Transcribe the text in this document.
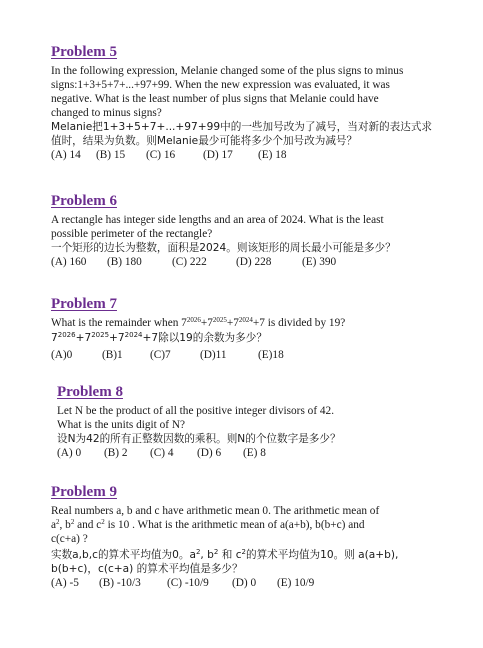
Problem 5
In the following expression, Melanie changed some of the plus signs to minus
signs:1+3+5+7+...+97+99. When the new expression was evaluated, it was
negative. What is the least number of plus signs that Melanie could have
changed to minus signs?
Melanie把1+3+5+7+...+97+99中的一些加号改为了减号，当对新的表达式求
值时，结果为负数。则Melanie最少可能将多少个加号改为减号？
(A) 14	(B) 15	(C) 16	(D) 17	(E) 18
Problem 6
A rectangle has integer side lengths and an area of 2024. What is the least
possible perimeter of the rectangle?
一个矩形的边长为整数，面积是2024。则该矩形的周长最小可能是多少？
(A) 160	(B) 180	(C) 222	(D) 228	(E) 390
Problem 7
What is the remainder when $7^{2026}+7^{2025}+7^{2024}+7$ is divided by 19?
$7^{2026}+7^{2025}+7^{2024}+7$除以19的余数为多少？
(A)0	(B)1	(C)7	(D)11	(E)18
Problem 8
Let N be the product of all the positive integer divisors of 42.
What is the units digit of N?
设N为42的所有正整数因数的乘积。则N的个位数字是多少？
(A) 0	(B) 2	(C) 4	(D) 6	(E) 8
Problem 9
Real numbers a, b and c have arithmetic mean 0. The arithmetic mean of
$a^2$, $b^2$ and $c^2$ is 10 . What is the arithmetic mean of a(a+b), b(b+c) and
c(c+a) ?
实数a,b,c的算术平均值为0。$a^2$, $b^2$ 和 $c^2$的算术平均值为10。则 a(a+b),
b(b+c)，c(c+a) 的算术平均值是多少？
(A) -5	(B) -10/3	(C) -10/9	(D) 0	(E) 10/9
